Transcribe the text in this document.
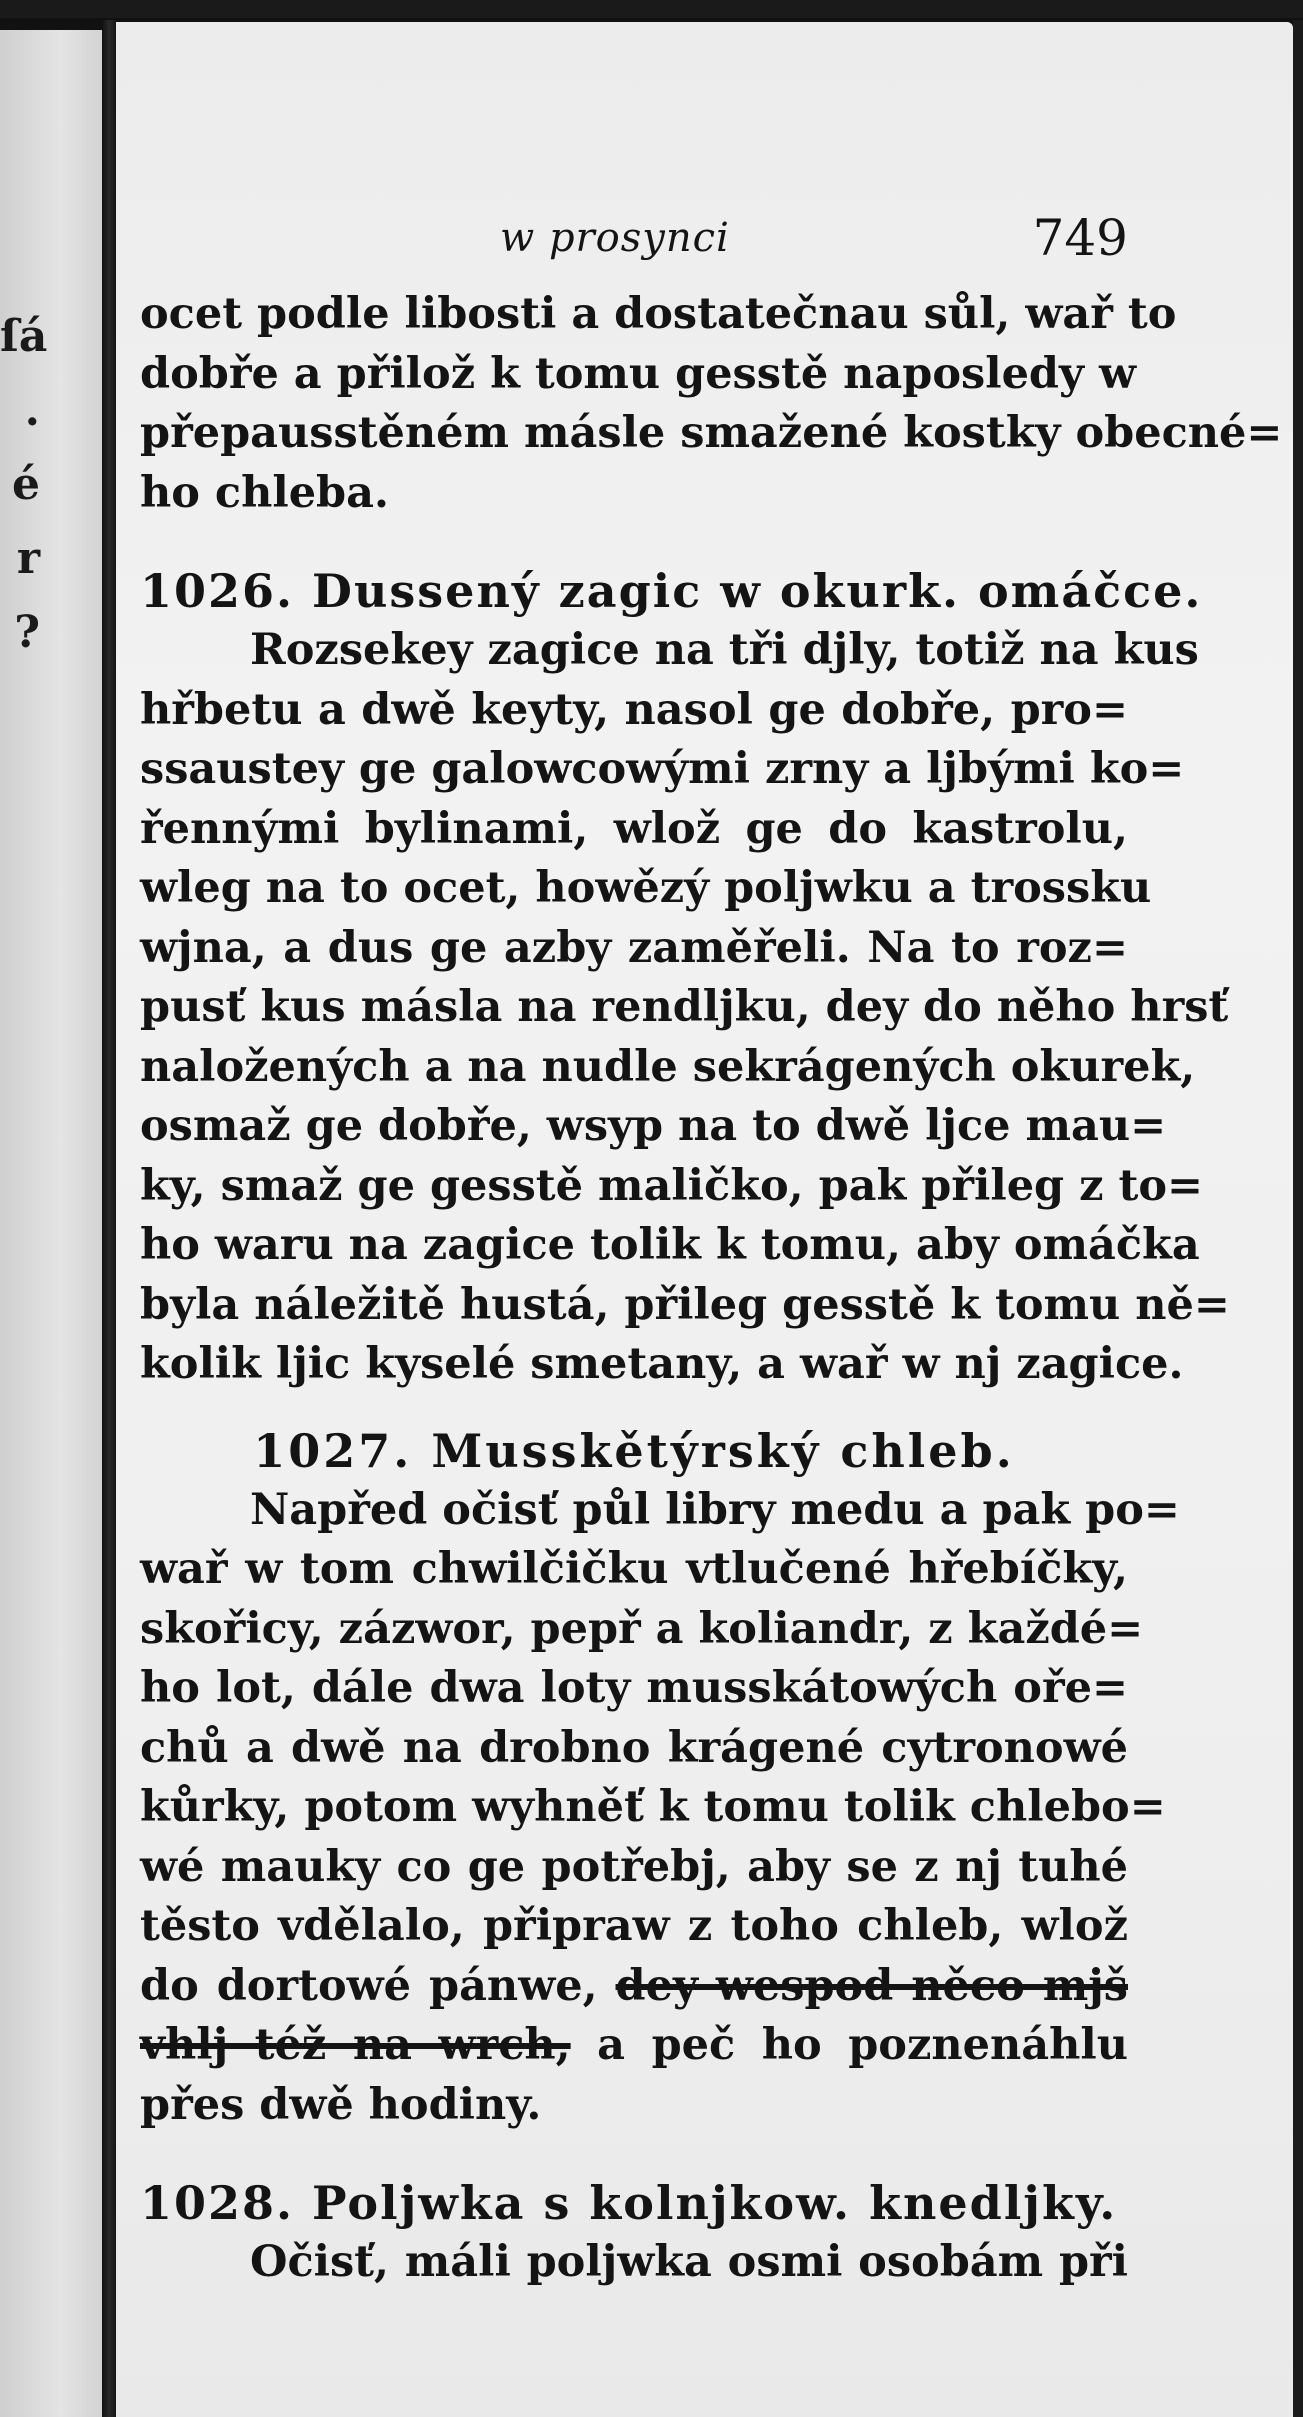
ſá
.
é
r
?
w prosynci	749
ocet podle libosti a dostatečnau sůl, wař to
dobře a přilož k tomu gesstě naposledy w
přepausstěném másle smažené kostky obecné=
ho chleba.
1026. Dussený zagic w okurk. omáčce.
Rozsekey zagice na tři djly, totiž na kus
hřbetu a dwě keyty, nasol ge dobře, pro=
ssaustey ge galowcowými zrny a ljbými ko=
řennými bylinami, wlož ge do kastrolu,
wleg na to ocet, howězý poljwku a trossku
wjna, a dus ge azby zaměřeli. Na to roz=
pusť kus másla na rendljku, dey do něho hrsť
naložených a na nudle sekrágených okurek,
osmaž ge dobře, wsyp na to dwě ljce mau=
ky, smaž ge gesstě maličko, pak přileg z to=
ho waru na zagice tolik k tomu, aby omáčka
byla náležitě hustá, přileg gesstě k tomu ně=
kolik ljic kyselé smetany, a wař w nj zagice.
1027. Musskětýrský chleb.
Napřed očisť půl libry medu a pak po=
wař w tom chwilčičku vtlučené hřebíčky,
skořicy, zázwor, pepř a koliandr, z každé=
ho lot, dále dwa loty musskátowých oře=
chů a dwě na drobno krágené cytronowé
kůrky, potom wyhněť k tomu tolik chlebo=
wé mauky co ge potřebj, aby se z nj tuhé
těsto vdělalo, připraw z toho chleb, wlož
do dortowé pánwe, dey wespod něco mjš
vhlj též na wrch, a peč ho poznenáhlu
přes dwě hodiny.
1028. Poljwka s kolnjkow. knedljky.
Očisť, máli poljwka osmi osobám při
